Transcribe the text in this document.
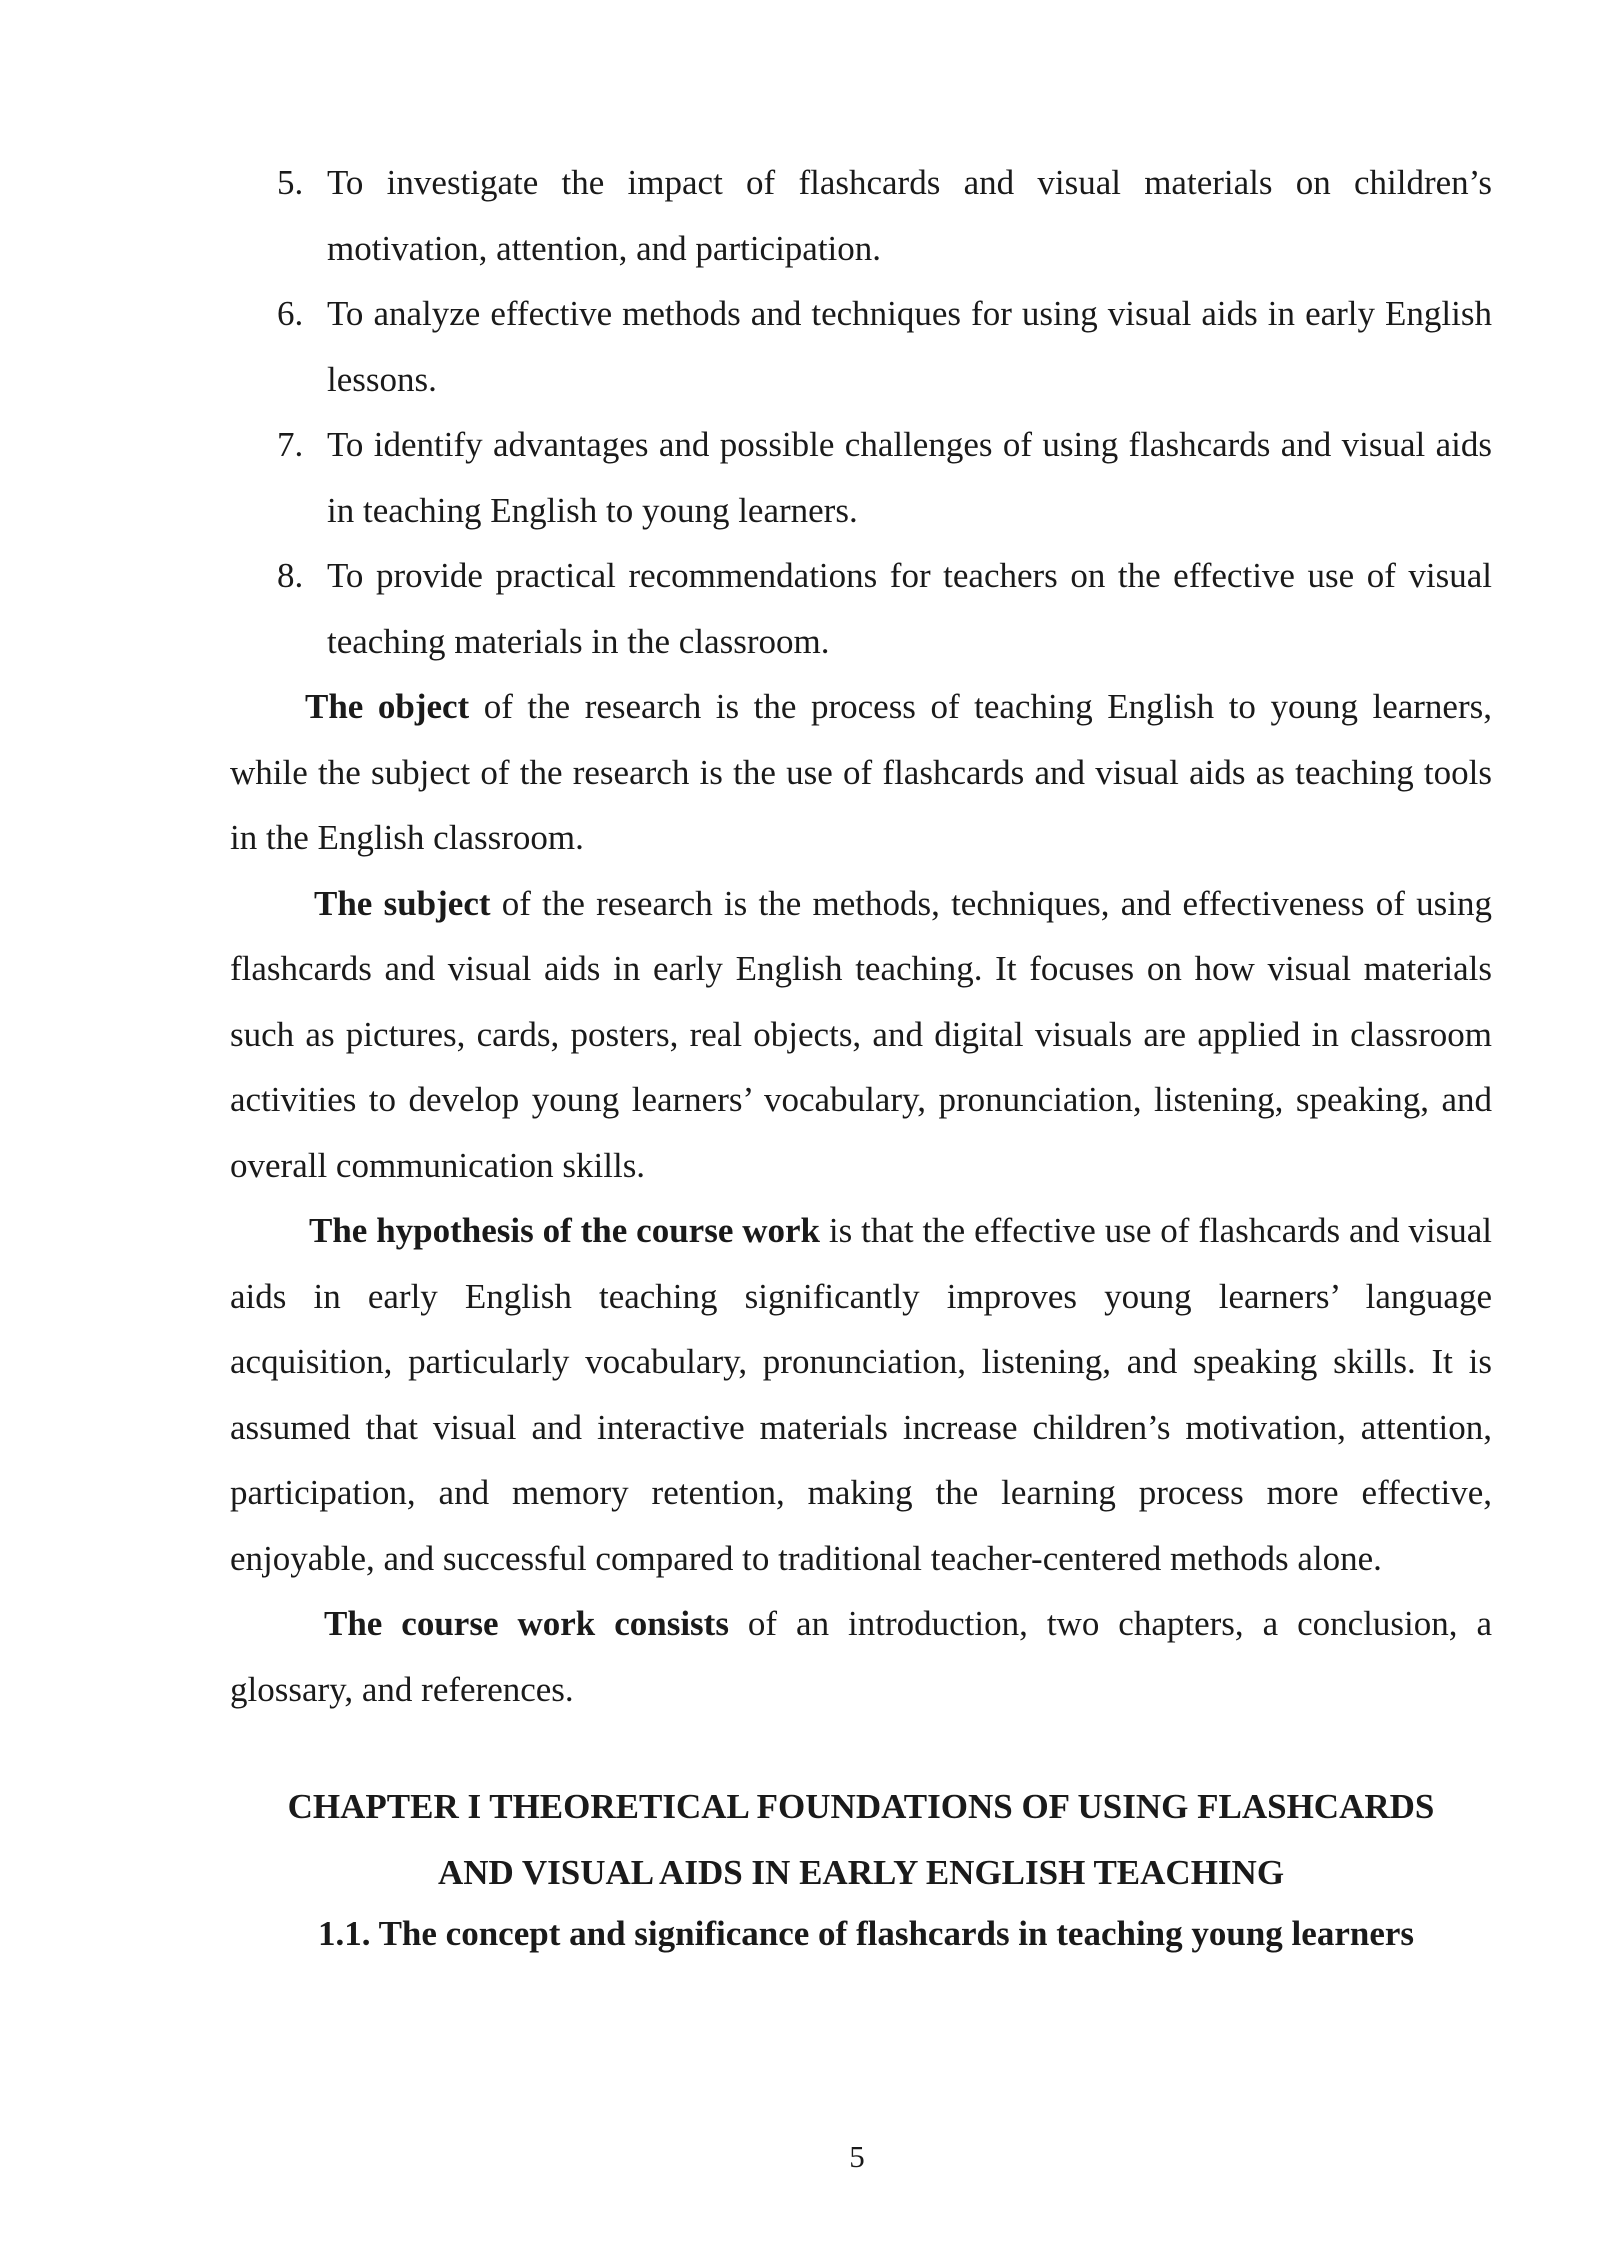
5. To investigate the impact of flashcards and visual materials on children’s motivation, attention, and participation.
6. To analyze effective methods and techniques for using visual aids in early English lessons.
7. To identify advantages and possible challenges of using flashcards and visual aids in teaching English to young learners.
8. To provide practical recommendations for teachers on the effective use of visual teaching materials in the classroom.

The object of the research is the process of teaching English to young learners, while the subject of the research is the use of flashcards and visual aids as teaching tools in the English classroom.

The subject of the research is the methods, techniques, and effectiveness of using flashcards and visual aids in early English teaching. It focuses on how visual materials such as pictures, cards, posters, real objects, and digital visuals are applied in classroom activities to develop young learners’ vocabulary, pronunciation, listening, speaking, and overall communication skills.

The hypothesis of the course work is that the effective use of flashcards and visual aids in early English teaching significantly improves young learners’ language acquisition, particularly vocabulary, pronunciation, listening, and speaking skills. It is assumed that visual and interactive materials increase children’s motivation, attention, participation, and memory retention, making the learning process more effective, enjoyable, and successful compared to traditional teacher-centered methods alone.

The course work consists of an introduction, two chapters, a conclusion, a glossary, and references.

CHAPTER I THEORETICAL FOUNDATIONS OF USING FLASHCARDS
AND VISUAL AIDS IN EARLY ENGLISH TEACHING
1.1. The concept and significance of flashcards in teaching young learners
5
